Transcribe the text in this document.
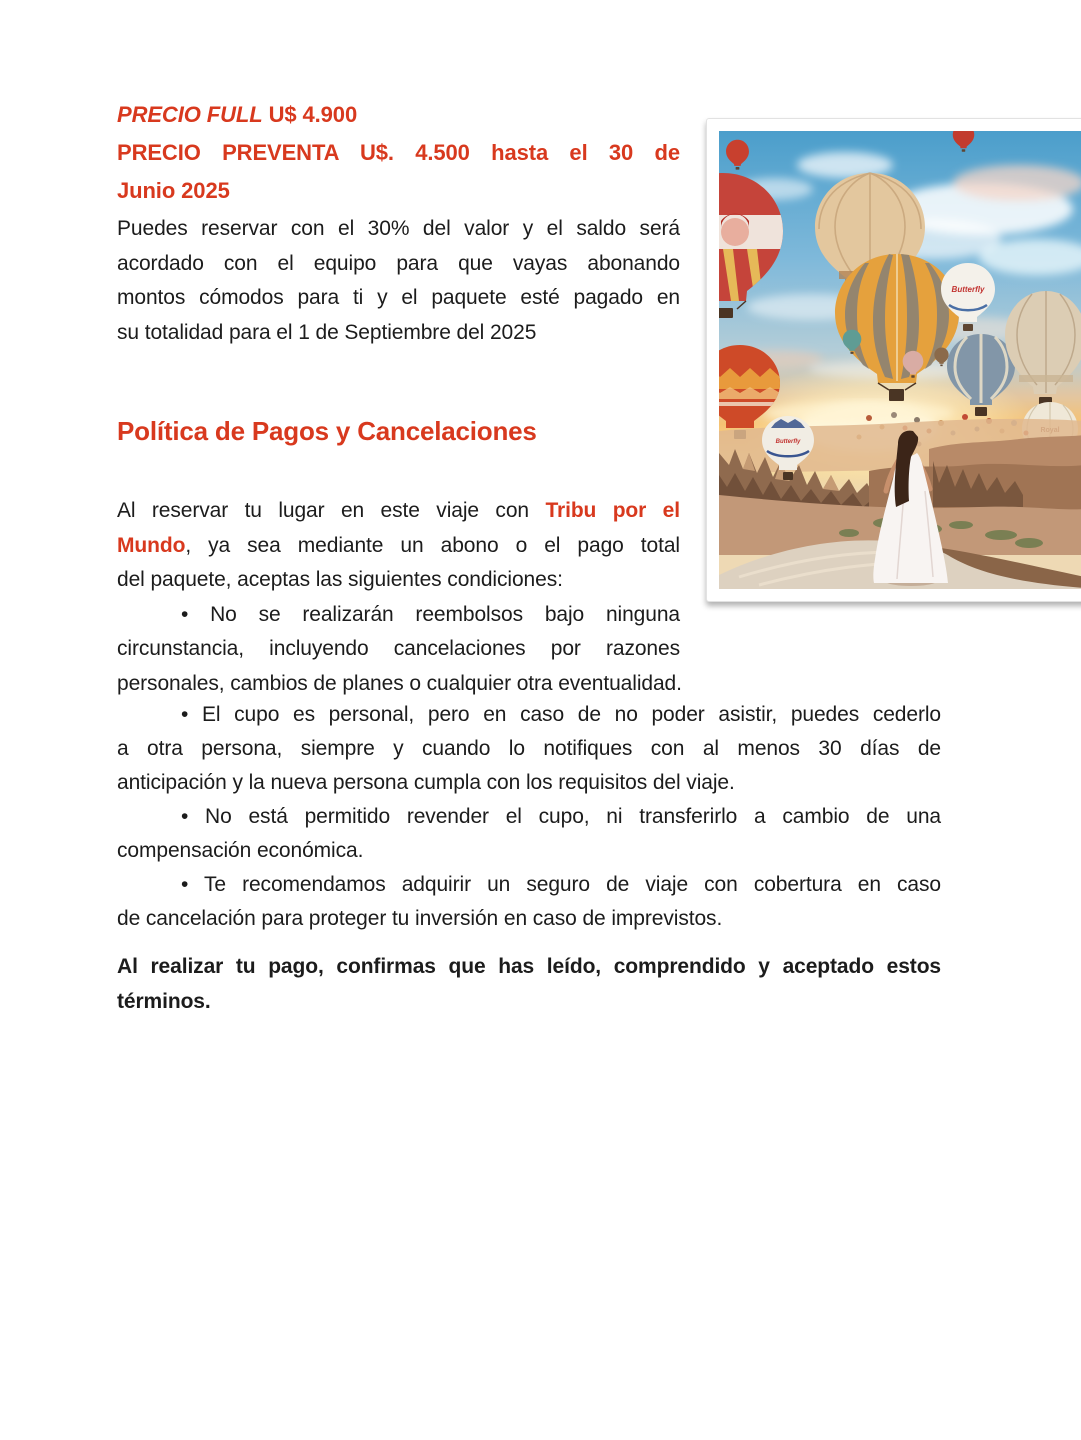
PRECIO FULL U$ 4.900
PRECIO PREVENTA U$. 4.500 hasta el 30 de
Junio 2025
Puedes reservar con el 30% del valor y el saldo será
acordado con el equipo para que vayas abonando
montos cómodos para ti y el paquete esté pagado en
su totalidad para el 1 de Septiembre del 2025
Política de Pagos y Cancelaciones
Al reservar tu lugar en este viaje con Tribu por el
Mundo, ya sea mediante un abono o el pago total
del paquete, aceptas las siguientes condiciones:
• No se realizarán reembolsos bajo ninguna
circunstancia, incluyendo cancelaciones por razones
personales, cambios de planes o cualquier otra eventualidad.
• El cupo es personal, pero en caso de no poder asistir, puedes cederlo
a otra persona, siempre y cuando lo notifiques con al menos 30 días de
anticipación y la nueva persona cumpla con los requisitos del viaje.
• No está permitido revender el cupo, ni transferirlo a cambio de una
compensación económica.
• Te recomendamos adquirir un seguro de viaje con cobertura en caso
de cancelación para proteger tu inversión en caso de imprevistos.
Al realizar tu pago, confirmas que has leído, comprendido y aceptado estos
términos.
Butterfly
Butterfly
